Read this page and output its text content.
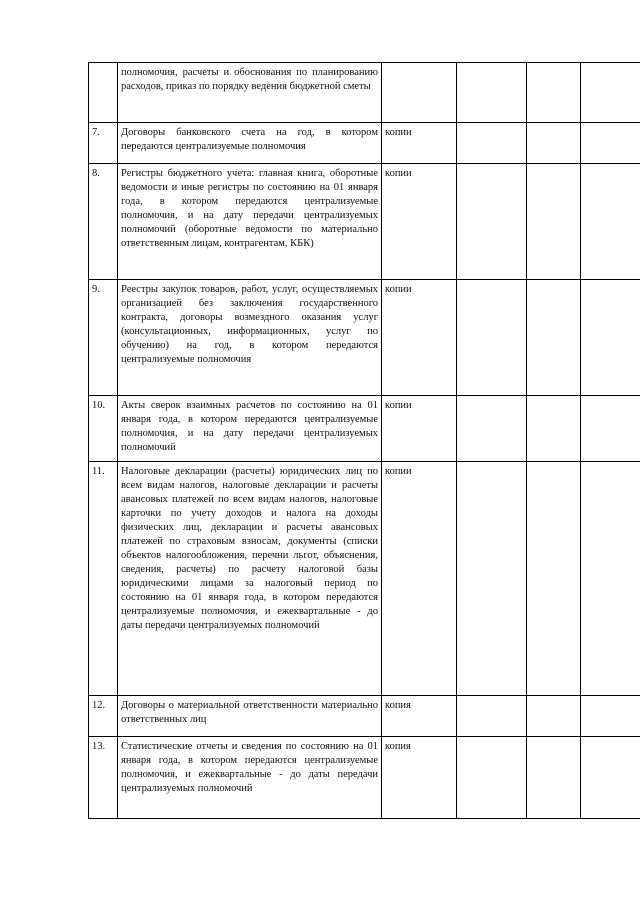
	полномочия, расчеты и обоснования по планированию расходов, приказ по порядку ведения бюджетной сметы				
7.	Договоры банковского счета на год, в котором передаются централизуемые полномочия	копии			
8.	Регистры бюджетного учета: главная книга, оборотные ведомости и иные регистры по состоянию на 01 января года, в котором передаются централизуемые полномочия, и на дату передачи централизуемых полномочий (оборотные ведомости по материально ответственным лицам, контрагентам, КБК)	копии			
9.	Реестры закупок товаров, работ, услуг, осуществляемых организацией без заключения государственного контракта, договоры возмездного оказания услуг (консультационных, информационных, услуг по обучению) на год, в котором передаются централизуемые полномочия	копии			
10.	Акты сверок взаимных расчетов по состоянию на 01 января года, в котором передаются централизуемые полномочия, и на дату передачи централизуемых полномочий	копии			
11.	Налоговые декларации (расчеты) юридических лиц по всем видам налогов, налоговые декларации и расчеты авансовых платежей по всем видам налогов, налоговые карточки по учету доходов и налога на доходы физических лиц, декларации и расчеты авансовых платежей по страховым взносам, документы (списки объектов налогообложения, перечни льгот, объяснения, сведения, расчеты) по расчету налоговой базы юридическими лицами за налоговый период по состоянию на 01 января года, в котором передаются централизуемые полномочия, и ежеквартальные - до даты передачи централизуемых полномочий	копии			
12.	Договоры о материальной ответственности материально ответственных лиц	копия			
13.	Статистические отчеты и сведения по состоянию на 01 января года, в котором передаются централизуемые полномочия, и ежеквартальные - до даты передачи централизуемых полномочий	копия			
